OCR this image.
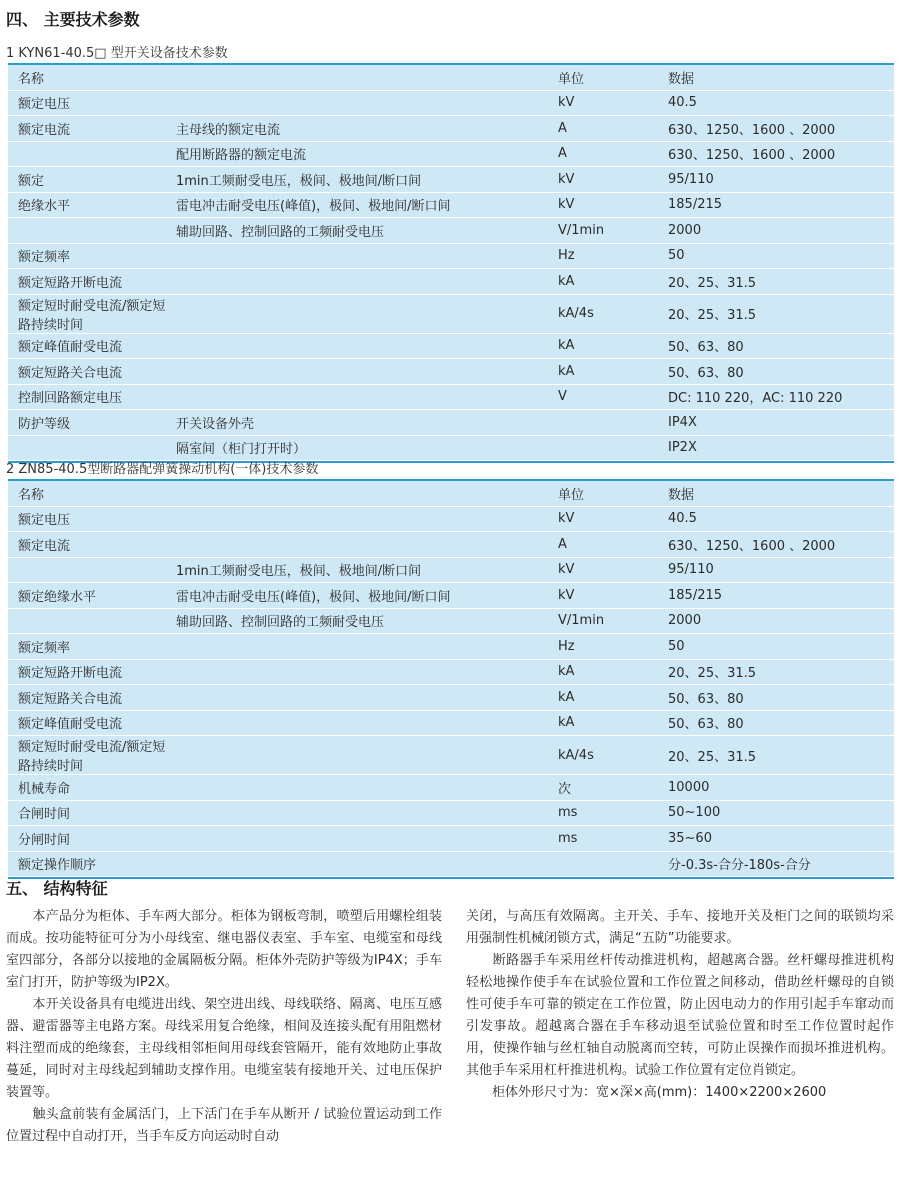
四、 主要技术参数
1 KYN61-40.5□ 型开关设备技术参数
名称		单位	数据
额定电压		kV	40.5
额定电流	主母线的额定电流	A	630、1250、1600 、2000
	配用断路器的额定电流	A	630、1250、1600 、2000
额定	1min工频耐受电压，极间、极地间/断口间	kV	95/110
绝缘水平	雷电冲击耐受电压(峰值)，极间、极地间/断口间	kV	185/215
	辅助回路、控制回路的工频耐受电压	V/1min	2000
额定频率		Hz	50
额定短路开断电流		kA	20、25、31.5
额定短时耐受电流/额定短路持续时间		kA/4s	20、25、31.5
额定峰值耐受电流		kA	50、63、80
额定短路关合电流		kA	50、63、80
控制回路额定电压		V	DC: 110 220，AC: 110 220
防护等级	开关设备外壳		IP4X
	隔室间（柜门打开时）		IP2X
2 ZN85-40.5型断路器配弹簧操动机构(一体)技术参数
名称		单位	数据
额定电压		kV	40.5
额定电流		A	630、1250、1600 、2000
	1min工频耐受电压，极间、极地间/断口间	kV	95/110
额定绝缘水平	雷电冲击耐受电压(峰值)，极间、极地间/断口间	kV	185/215
	辅助回路、控制回路的工频耐受电压	V/1min	2000
额定频率		Hz	50
额定短路开断电流		kA	20、25、31.5
额定短路关合电流		kA	50、63、80
额定峰值耐受电流		kA	50、63、80
额定短时耐受电流/额定短路持续时间		kA/4s	20、25、31.5
机械寿命		次	10000
合闸时间		ms	50~100
分闸时间		ms	35~60
额定操作顺序			分-0.3s-合分-180s-合分
五、 结构特征

　　本产品分为柜体、手车两大部分。柜体为钢板弯制，喷塑后用螺栓组装而成。按功能特征可分为小母线室、继电器仪表室、手车室、电缆室和母线室四部分，各部分以接地的金属隔板分隔。柜体外壳防护等级为IP4X；手车室门打开，防护等级为IP2X。

　　本开关设备具有电缆进出线、架空进出线、母线联络、隔离、电压互感器、避雷器等主电路方案。母线采用复合绝缘，相间及连接头配有用阻燃材料注塑而成的绝缘套，主母线相邻柜间用母线套管隔开，能有效地防止事故蔓延，同时对主母线起到辅助支撑作用。电缆室装有接地开关、过电压保护装置等。

　　触头盒前装有金属活门，上下活门在手车从断开 / 试验位置运动到工作位置过程中自动打开，当手车反方向运动时自动

关闭，与高压有效隔离。主开关、手车、接地开关及柜门之间的联锁均采用强制性机械闭锁方式，满足“五防”功能要求。

　　断路器手车采用丝杆传动推进机构，超越离合器。丝杆螺母推进机构轻松地操作使手车在试验位置和工作位置之间移动，借助丝杆螺母的自锁性可使手车可靠的锁定在工作位置，防止因电动力的作用引起手车窜动而引发事故。超越离合器在手车移动退至试验位置和时至工作位置时起作用，使操作轴与丝杠轴自动脱离而空转，可防止误操作而损坏推进机构。其他手车采用杠杆推进机构。试验工作位置有定位肖锁定。

　　柜体外形尺寸为：宽×深×高(mm)：1400×2200×2600
